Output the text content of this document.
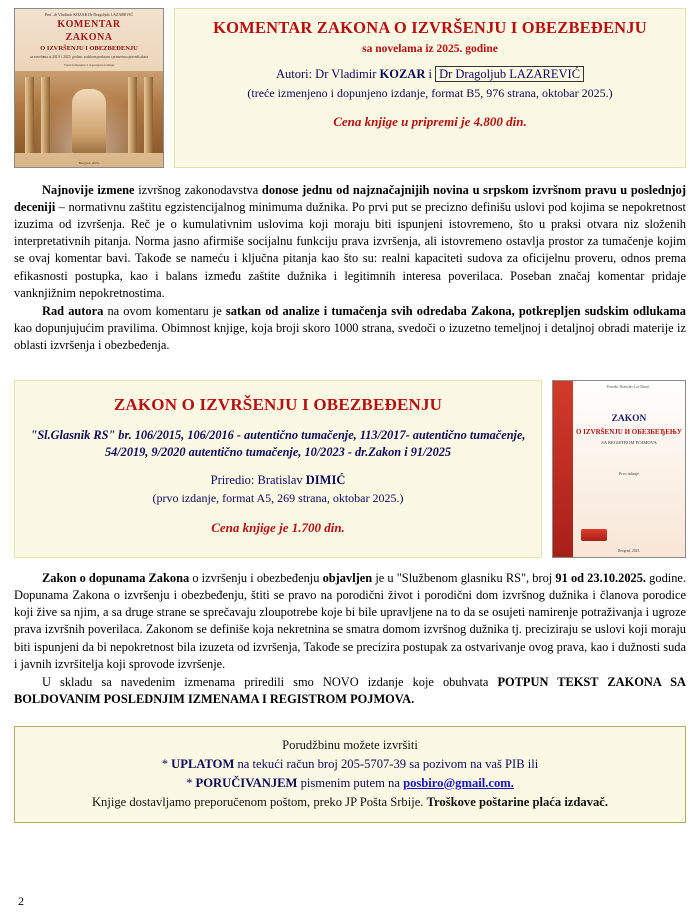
Prof. dr Vladimir KOZAR Dr Dragoljub LAZAREVIĆ
KOMENTAR
ZAKONA
O IZVRŠENJU I OBEZBEĐENJU
sa novelama iz 2019. i 2025. godine, sudskom praksom i primerima pravnih akata
Treće izmenjeno i dopunjeno izdanje
Beograd, 2025.
KOMENTAR ZAKONA O IZVRŠENJU I OBEZBEĐENJU
sa novelama iz 2025. godine
Autori: Dr Vladimir KOZAR i Dr Dragoljub LAZAREVIĆ
(treće izmenjeno i dopunjeno izdanje, format B5, 976 strana, oktobar 2025.)
Cena knjige u pripremi je 4.800 din.

Najnovije izmene izvršnog zakonodavstva donose jednu od najznačajnijih novina u srpskom izvršnom pravu u poslednjoj deceniji – normativnu zaštitu egzistencijalnog minimuma dužnika. Po prvi put se precizno definišu uslovi pod kojima se nepokretnost izuzima od izvršenja. Reč je o kumulativnim uslovima koji moraju biti ispunjeni istovremeno, što u praksi otvara niz složenih interpretativnih pitanja. Norma jasno afirmiše socijalnu funkciju prava izvršenja, ali istovremeno ostavlja prostor za tumačenje kojim se ovaj komentar bavi. Takođe se nameću i ključna pitanja kao što su: realni kapaciteti sudova za oficijelnu proveru, odnos prema efikasnosti postupka, kao i balans između zaštite dužnika i legitimnih interesa poverilaca. Poseban značaj komentar pridaje vanknjižnim nepokretnostima.

Rad autora na ovom komentaru je satkan od analize i tumačenja svih odredaba Zakona, potkrepljen sudskim odlukama kao dopunjujućim pravilima. Obimnost knjige, koja broji skoro 1000 strana, svedoči o izuzetno temeljnoj i detaljnoj obradi materije iz oblasti izvršenja i obezbeđenja.

ZAKON O IZVRŠENJU I OBEZBEĐENJU
"Sl.Glasnik RS" br. 106/2015, 106/2016 - autentično tumačenje, 113/2017- autentično tumačenje, 54/2019, 9/2020 autentično tumačenje, 10/2023 - dr.Zakon i 91/2025
Priredio: Bratislav DIMIĆ
(prvo izdanje, format A5, 269 strana, oktobar 2025.)
Cena knjige je 1.700 din.
Priredio: Bratislav Lav Dimić
ZAKON
O IZVRŠENJU И ОБЕЗБЕЂЕЊУ
SA REGISTROM POJMOVA
Prvo izdanje
Beograd, 2025.

Zakon o dopunama Zakona o izvršenju i obezbeđenju objavljen je u "Službenom glasniku RS", broj 91 od 23.10.2025. godine. Dopunama Zakona o izvršenju i obezbeđenju, štiti se pravo na porodični život i porodični dom izvršnog dužnika i članova porodice koji žive sa njim, a sa druge strane se sprečavaju zloupotrebe koje bi bile upravljene na to da se osujeti namirenje potraživanja i ugroze prava izvršnih poverilaca. Zakonom se definiše koja nekretnina se smatra domom izvršnog dužnika tj. preciziraju se uslovi koji moraju biti ispunjeni da bi nepokretnost bila izuzeta od izvršenja, Takođe se precizira postupak za ostvarivanje ovog prava, kao i dužnosti suda i javnih izvršitelja koji sprovode izvršenje.

U skladu sa navedenim izmenama priredili smo NOVO izdanje koje obuhvata POTPUN TEKST ZAKONA SA BOLDOVANIM POSLEDNJIM IZMENAMA I REGISTROM POJMOVA.

Porudžbinu možete izvršiti
* UPLATOM na tekući račun broj 205-5707-39 sa pozivom na vaš PIB ili
* PORUČIVANJEM pismenim putem na posbiro@gmail.com.
Knjige dostavljamo preporučenom poštom, preko JP Pošta Srbije. Troškove poštarine plaća izdavač.
2
